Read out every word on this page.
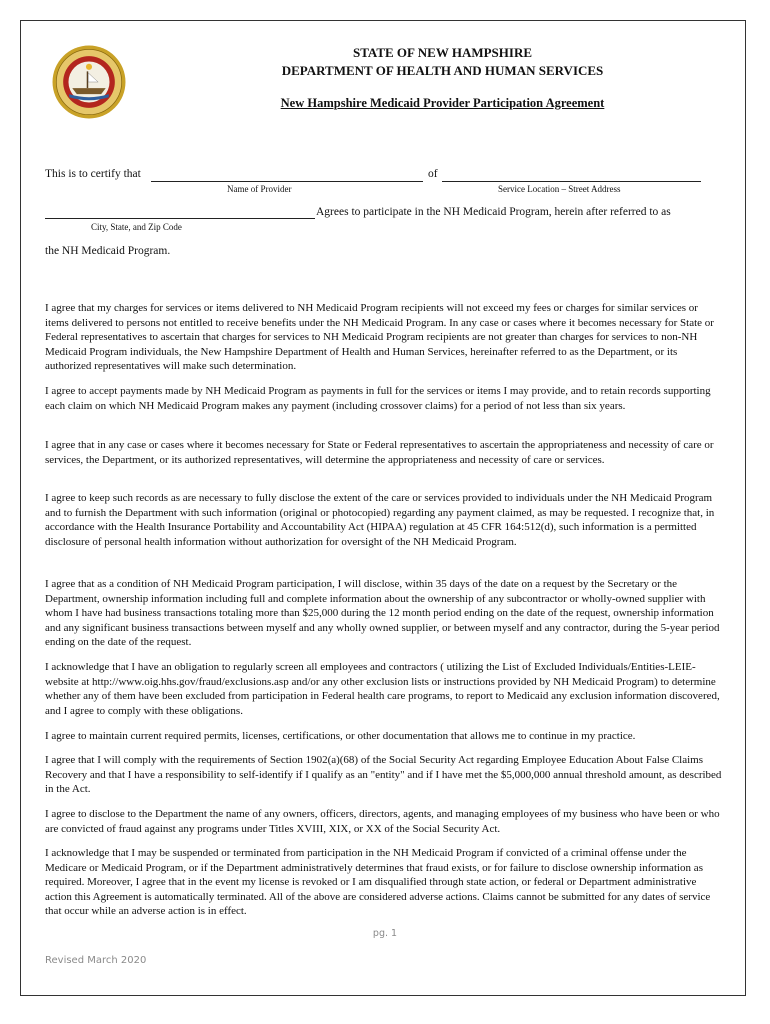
STATE OF NEW HAMPSHIRE
DEPARTMENT OF HEALTH AND HUMAN SERVICES
New Hampshire Medicaid Provider Participation Agreement
This is to certify that	of
Name of Provider	Service Location – Street Address
Agrees to participate in the NH Medicaid Program, herein after referred to as
City, State, and Zip Code
the NH Medicaid Program.
I agree that my charges for services or items delivered to NH Medicaid Program recipients will not exceed my fees or charges for similar services or items delivered to persons not entitled to receive benefits under the NH Medicaid Program. In any case or cases where it becomes necessary for State or Federal representatives to ascertain that charges for services to NH Medicaid Program recipients are not greater than charges for services to non-NH Medicaid Program individuals, the New Hampshire Department of Health and Human Services, hereinafter referred to as the Department, or its authorized representatives will make such determination.
I agree to accept payments made by NH Medicaid Program as payments in full for the services or items I may provide, and to retain records supporting each claim on which NH Medicaid Program makes any payment (including crossover claims) for a period of not less than six years.
I agree that in any case or cases where it becomes necessary for State or Federal representatives to ascertain the appropriateness and necessity of care or services, the Department, or its authorized representatives, will determine the appropriateness and necessity of care or services.
I agree to keep such records as are necessary to fully disclose the extent of the care or services provided to individuals under the NH Medicaid Program and to furnish the Department with such information (original or photocopied) regarding any payment claimed, as may be requested. I recognize that, in accordance with the Health Insurance Portability and Accountability Act (HIPAA) regulation at 45 CFR 164:512(d), such information is a permitted disclosure of personal health information without authorization for oversight of the NH Medicaid Program.
I agree that as a condition of NH Medicaid Program participation, I will disclose, within 35 days of the date on a request by the Secretary or the Department, ownership information including full and complete information about the ownership of any subcontractor or wholly-owned supplier with whom I have had business transactions totaling more than $25,000 during the 12 month period ending on the date of the request, ownership information and any significant business transactions between myself and any wholly owned supplier, or between myself and any contractor, during the 5-year period ending on the date of the request.
I acknowledge that I have an obligation to regularly screen all employees and contractors ( utilizing the List of Excluded Individuals/Entities-LEIE-website at http://www.oig.hhs.gov/fraud/exclusions.asp and/or any other exclusion lists or instructions provided by NH Medicaid Program) to determine whether any of them have been excluded from participation in Federal health care programs, to report to Medicaid any exclusion information discovered, and I agree to comply with these obligations.
I agree to maintain current required permits, licenses, certifications, or other documentation that allows me to continue in my practice.
I agree that I will comply with the requirements of Section 1902(a)(68) of the Social Security Act regarding Employee Education About False Claims Recovery and that I have a responsibility to self-identify if I qualify as an "entity" and if I have met the $5,000,000 annual threshold amount, as described in the Act.
I agree to disclose to the Department the name of any owners, officers, directors, agents, and managing employees of my business who have been or who are convicted of fraud against any programs under Titles XVIII, XIX, or XX of the Social Security Act.
I acknowledge that I may be suspended or terminated from participation in the NH Medicaid Program if convicted of a criminal offense under the Medicare or Medicaid Program, or if the Department administratively determines that fraud exists, or for failure to disclose ownership information as required. Moreover, I agree that in the event my license is revoked or I am disqualified through state action, or federal or Department administrative action this Agreement is automatically terminated. All of the above are considered adverse actions. Claims cannot be submitted for any dates of service that occur while an adverse action is in effect.
pg. 1
Revised March 2020
